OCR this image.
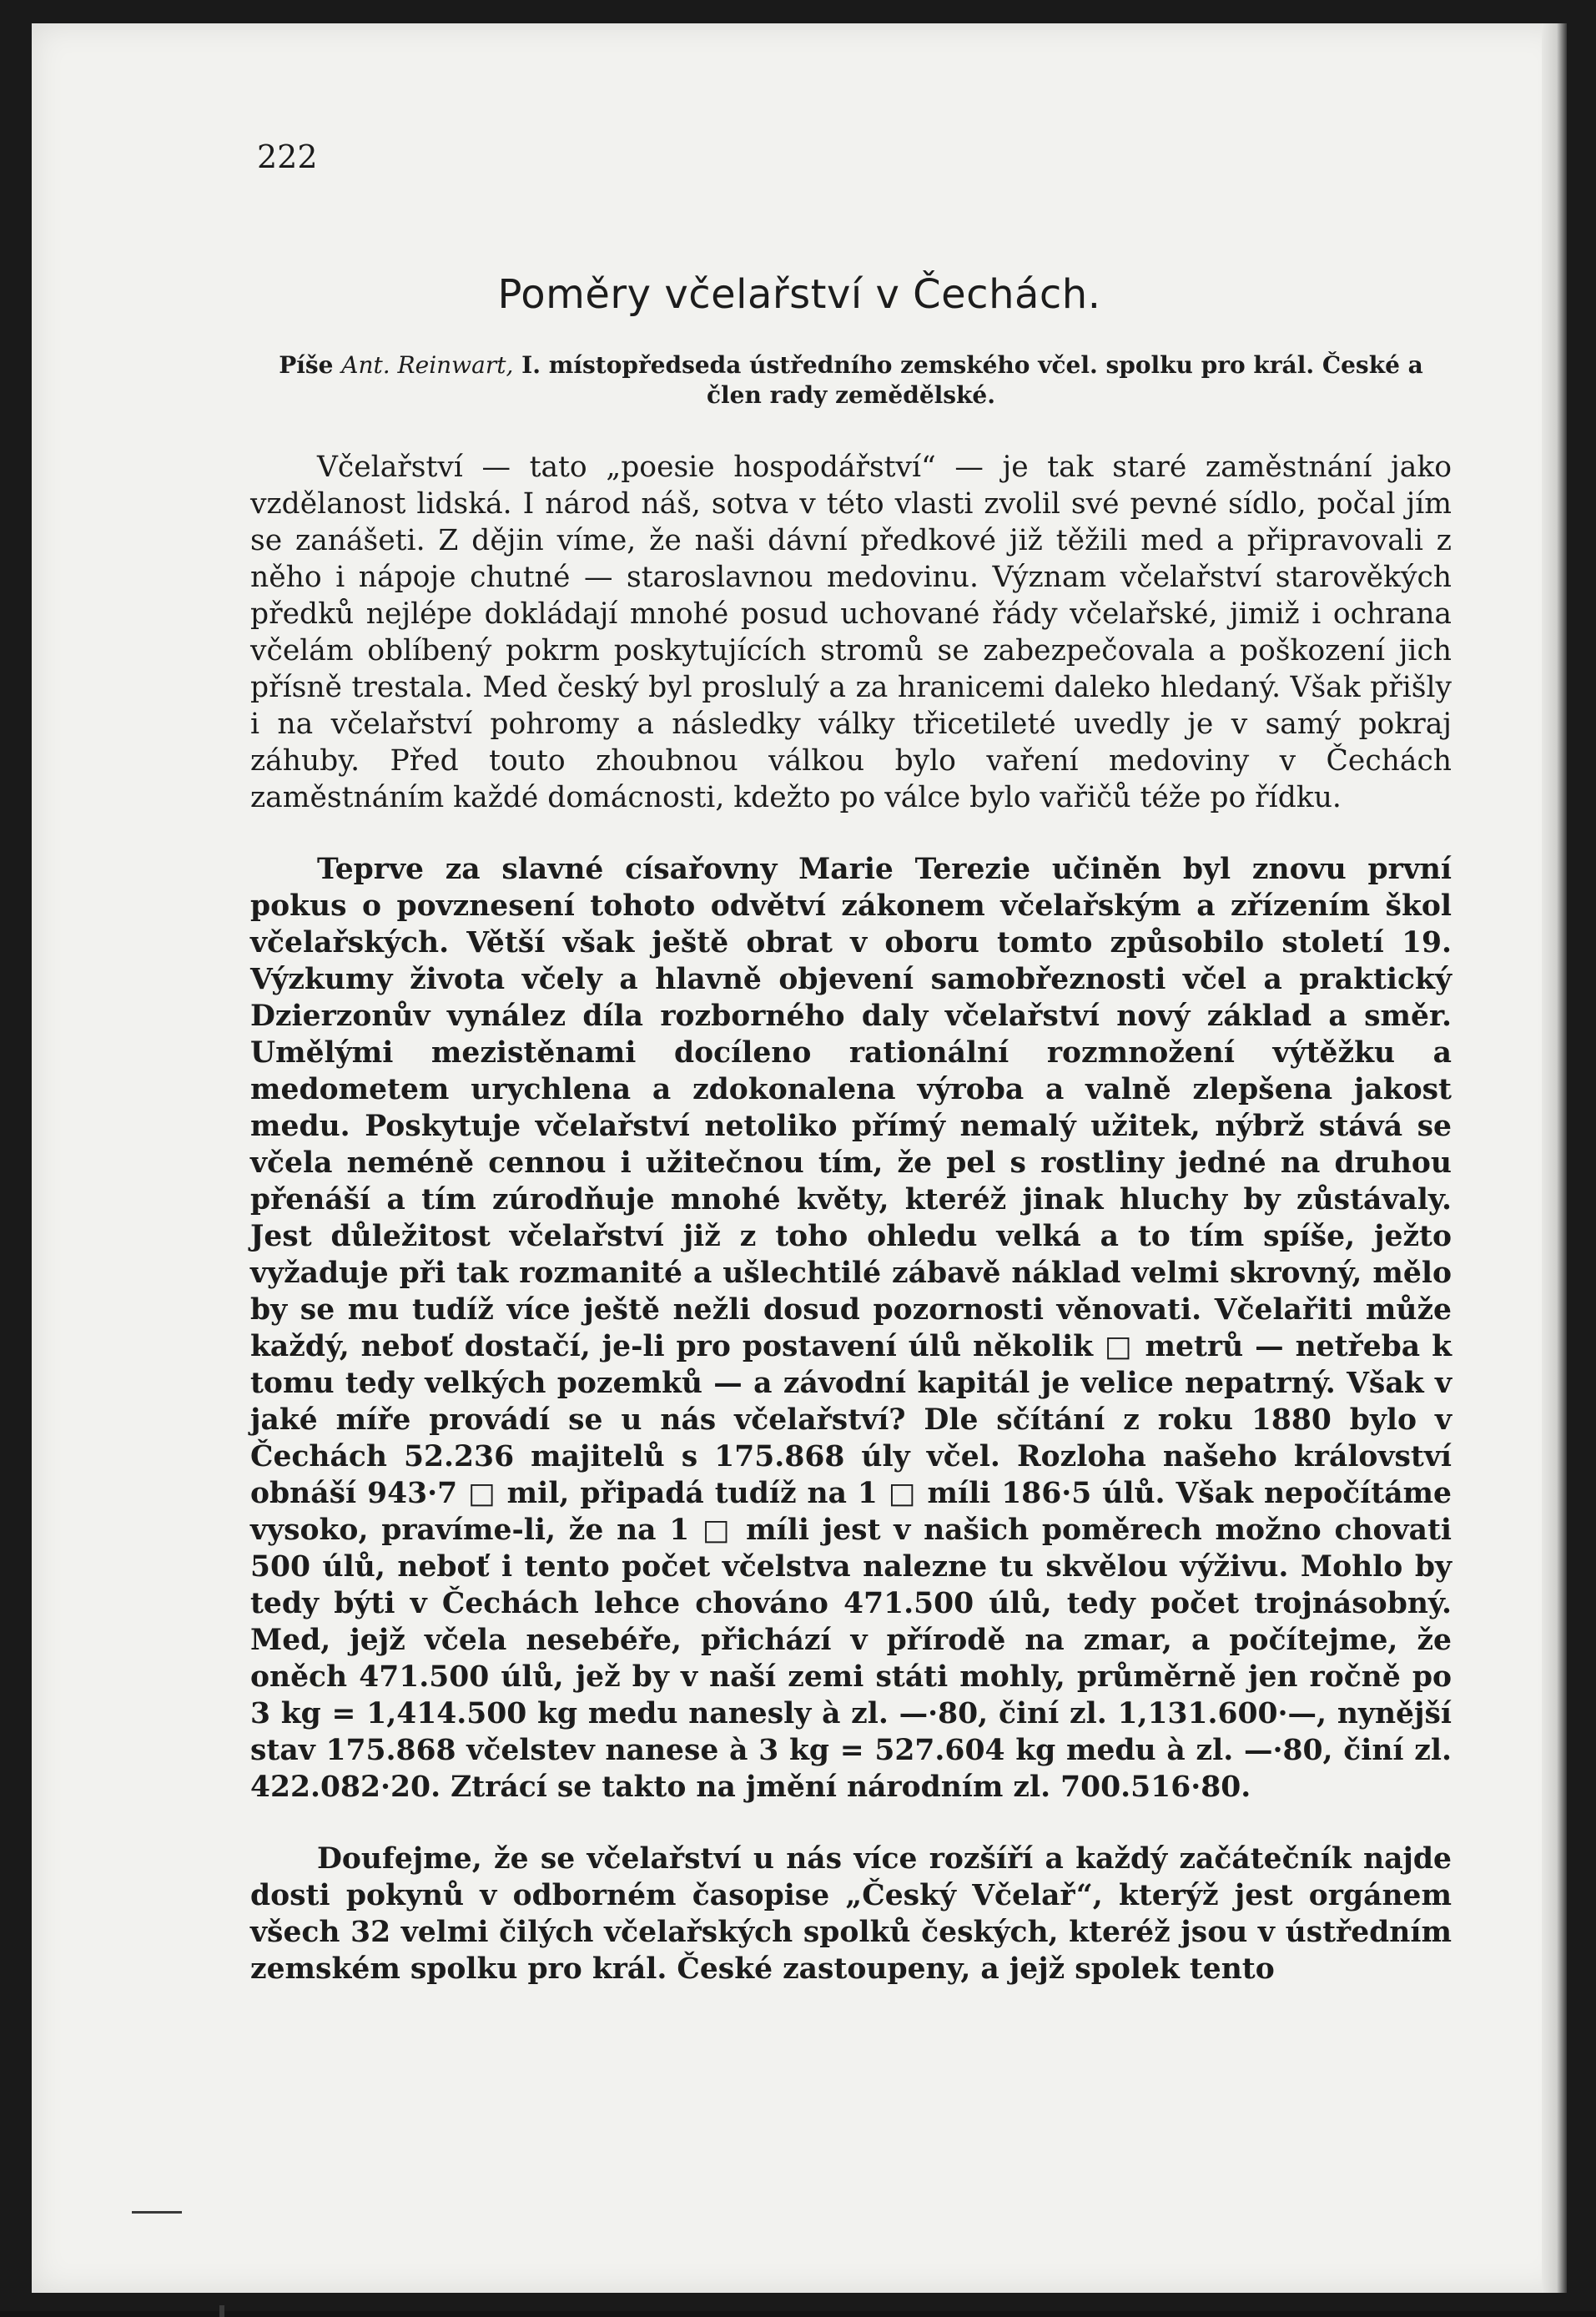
222
Poměry včelařství v Čechách.
Píše Ant. Reinwart, I. místopředseda ústředního zemského včel. spolku pro král. České a člen rady zemědělské.

Včelařství — tato „poesie hospodářství“ — je tak staré zaměstnání jako vzdělanost lidská. I národ náš, sotva v této vlasti zvolil své pevné sídlo, počal jím se zanášeti. Z dějin víme, že naši dávní předkové již těžili med a připravovali z něho i nápoje chutné — staroslavnou medovinu. Význam včelařství starověkých předků nejlépe dokládají mnohé posud uchované řády včelařské, jimiž i ochrana včelám oblíbený pokrm poskytujících stromů se zabezpečovala a poškození jich přísně trestala. Med český byl proslulý a za hranicemi daleko hledaný. Však přišly i na včelařství pohromy a následky války třicetileté uvedly je v samý pokraj záhuby. Před touto zhoubnou válkou bylo vaření medoviny v Čechách zaměstnáním každé domácnosti, kdežto po válce bylo vařičů téže po řídku.

Teprve za slavné císařovny Marie Terezie učiněn byl znovu první pokus o povznesení tohoto odvětví zákonem včelařským a zřízením škol včelařských. Větší však ještě obrat v oboru tomto způsobilo století 19. Výzkumy života včely a hlavně objevení samobřeznosti včel a praktický Dzierzonův vynález díla rozborného daly včelařství nový základ a směr. Umělými mezistěnami docíleno rationální rozmnožení výtěžku a medometem urychlena a zdokonalena výroba a valně zlepšena jakost medu. Poskytuje včelařství netoliko přímý nemalý užitek, nýbrž stává se včela neméně cennou i užitečnou tím, že pel s rostliny jedné na druhou přenáší a tím zúrodňuje mnohé květy, kteréž jinak hluchy by zůstávaly. Jest důležitost včelařství již z toho ohledu velká a to tím spíše, ježto vyžaduje při tak rozmanité a ušlechtilé zábavě náklad velmi skrovný, mělo by se mu tudíž více ještě nežli dosud pozornosti věnovati. Včelařiti může každý, neboť dostačí, je-li pro postavení úlů několik □ metrů — netřeba k tomu tedy velkých pozemků — a závodní kapitál je velice nepatrný. Však v jaké míře provádí se u nás včelařství? Dle sčítání z roku 1880 bylo v Čechách 52.236 majitelů s 175.868 úly včel. Rozloha našeho království obnáší 943·7 □ mil, připadá tudíž na 1 □ míli 186·5 úlů. Však nepočítáme vysoko, pravíme-li, že na 1 □ míli jest v našich poměrech možno chovati 500 úlů, neboť i tento počet včelstva nalezne tu skvělou výživu. Mohlo by tedy býti v Čechách lehce chováno 471.500 úlů, tedy počet trojnásobný. Med, jejž včela nesebéře, přichází v přírodě na zmar, a počítejme, že oněch 471.500 úlů, jež by v naší zemi státi mohly, průměrně jen ročně po 3 kg = 1,414.500 kg medu nanesly à zl. —·80, činí zl. 1,131.600·—, nynější stav 175.868 včelstev nanese à 3 kg = 527.604 kg medu à zl. —·80, činí zl. 422.082·20. Ztrácí se takto na jmění národním zl. 700.516·80.

Doufejme, že se včelařství u nás více rozšíří a každý začátečník najde dosti pokynů v odborném časopise „Český Včelař“, kterýž jest orgánem všech 32 velmi čilých včelařských spolků českých, kteréž jsou v ústředním zemském spolku pro král. České zastoupeny, a jejž spolek tento
